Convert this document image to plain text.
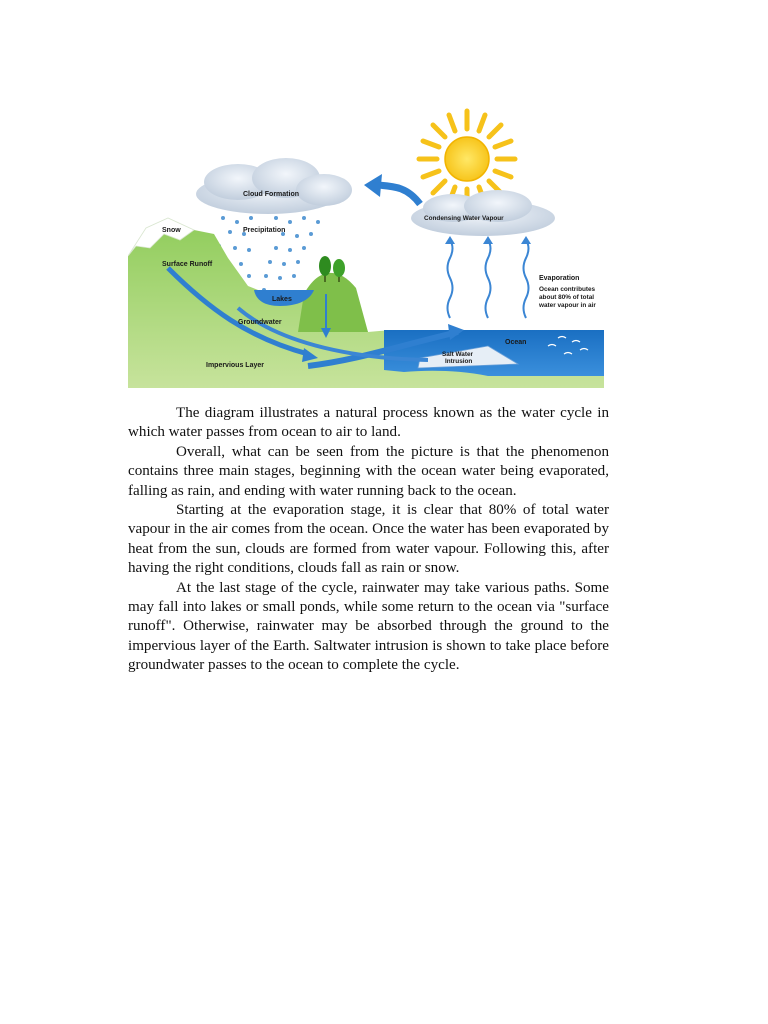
Cloud Formation
Condensing Water Vapour
Snow	Precipitation
Surface Runoff
Lakes
Groundwater
Impervious Layer
Evaporation
Ocean contributes
about 80% of total
water vapour in air
Ocean
Salt Water
Intrusion

The diagram illustrates a natural process known as the water cycle in which water passes from ocean to air to land.

Overall, what can be seen from the picture is that the phenomenon contains three main stages, beginning with the ocean water being evaporated, falling as rain, and ending with water running back to the ocean.

Starting at the evaporation stage, it is clear that 80% of total water vapour in the air comes from the ocean. Once the water has been evaporated by heat from the sun, clouds are formed from water vapour. Following this, after having the right conditions, clouds fall as rain or snow.

At the last stage of the cycle, rainwater may take various paths. Some may fall into lakes or small ponds, while some return to the ocean via "surface runoff". Otherwise, rainwater may be absorbed through the ground to the impervious layer of the Earth. Saltwater intrusion is shown to take place before groundwater passes to the ocean to complete the cycle.
